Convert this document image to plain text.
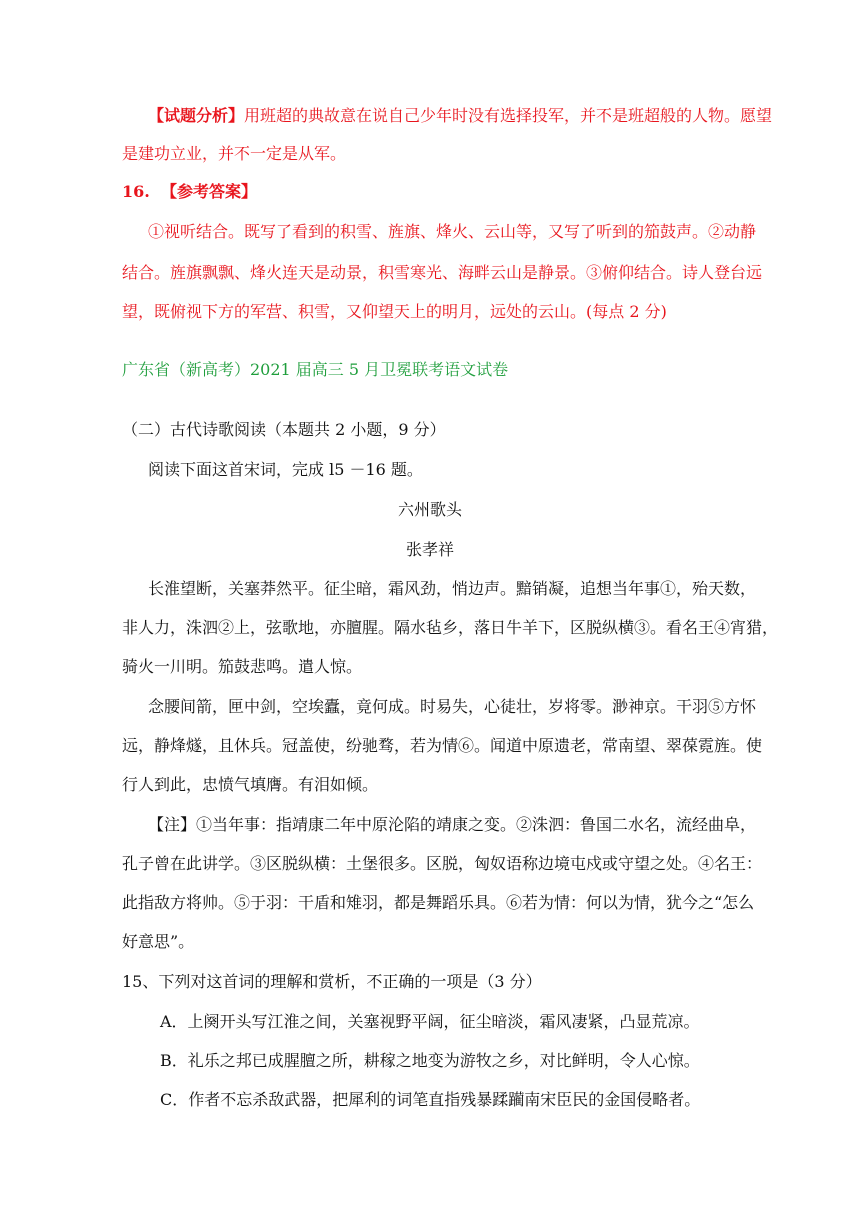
【试题分析】用班超的典故意在说自己少年时没有选择投军，并不是班超般的人物。愿望
是建功立业，并不一定是从军。
16. 【参考答案】
①视听结合。既写了看到的积雪、旌旗、烽火、云山等，又写了听到的笳鼓声。②动静
结合。旌旗飘飘、烽火连天是动景，积雪寒光、海畔云山是静景。③俯仰结合。诗人登台远
望，既俯视下方的军营、积雪，又仰望天上的明月，远处的云山。(每点 2 分)
广东省（新高考）2021 届高三 5 月卫冕联考语文试卷
（二）古代诗歌阅读（本题共 2 小题，9 分）
阅读下面这首宋词，完成 l5 －16 题。
六州歌头
张孝祥
长淮望断，关塞莽然平。征尘暗，霜风劲，悄边声。黯销凝，追想当年事①，殆天数，
非人力，洙泗②上，弦歌地，亦膻腥。隔水毡乡，落日牛羊下，区脱纵横③。看名王④宵猎，
骑火一川明。笳鼓悲鸣。遣人惊。
念腰间箭，匣中剑，空埃蠹，竟何成。时易失，心徒壮，岁将零。渺神京。干羽⑤方怀
远，静烽燧，且休兵。冠盖使，纷驰骛，若为情⑥。闻道中原遗老，常南望、翠葆霓旌。使
行人到此，忠愤气填膺。有泪如倾。
【注】①当年事：指靖康二年中原沦陷的靖康之变。②洙泗：鲁国二水名，流经曲阜，
孔子曾在此讲学。③区脱纵横：土堡很多。区脱，匈奴语称边境屯戍或守望之处。④名王：
此指敌方将帅。⑤于羽：干盾和雉羽，都是舞蹈乐具。⑥若为情：何以为情，犹今之“怎么
好意思”。
15、下列对这首词的理解和赏析，不正确的一项是（3 分）
A．上阕开头写江淮之间，关塞视野平阔，征尘暗淡，霜风凄紧，凸显荒凉。
B．礼乐之邦已成腥膻之所，耕稼之地变为游牧之乡，对比鲜明，令人心惊。
C．作者不忘杀敌武器，把犀利的词笔直指残暴蹂躏南宋臣民的金国侵略者。
